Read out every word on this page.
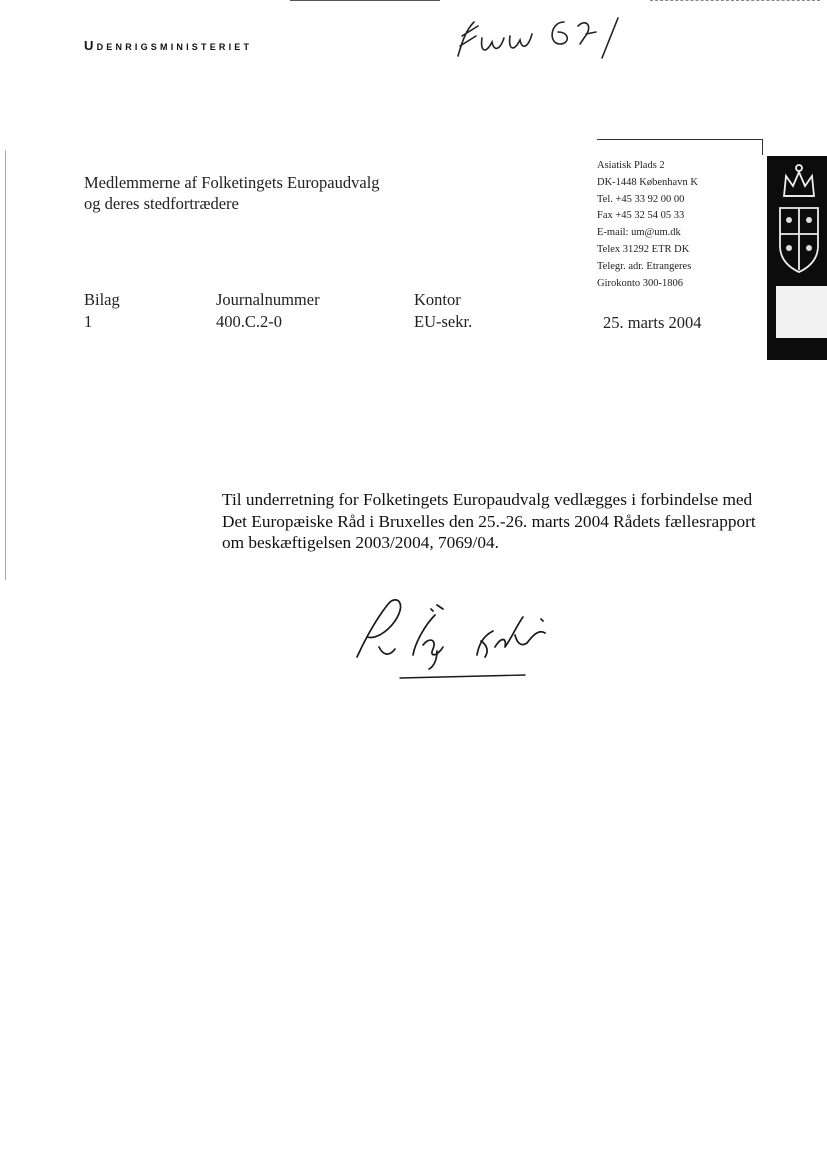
Udenrigsministeriet
Medlemmerne af Folketingets Europaudvalg
og deres stedfortrædere
Asiatisk Plads 2
DK-1448 København K
Tel. +45 33 92 00 00
Fax +45 32 54 05 33
E-mail: um@um.dk
Telex 31292 ETR DK
Telegr. adr. Etrangeres
Girokonto 300-1806
Bilag
1
Journalnummer
400.C.2-0
Kontor
EU-sekr.	25. marts 2004
Til underretning for Folketingets Europaudvalg vedlægges i forbindelse med
Det Europæiske Råd i Bruxelles den 25.-26. marts 2004 Rådets fællesrapport
om beskæftigelsen 2003/2004, 7069/04.
